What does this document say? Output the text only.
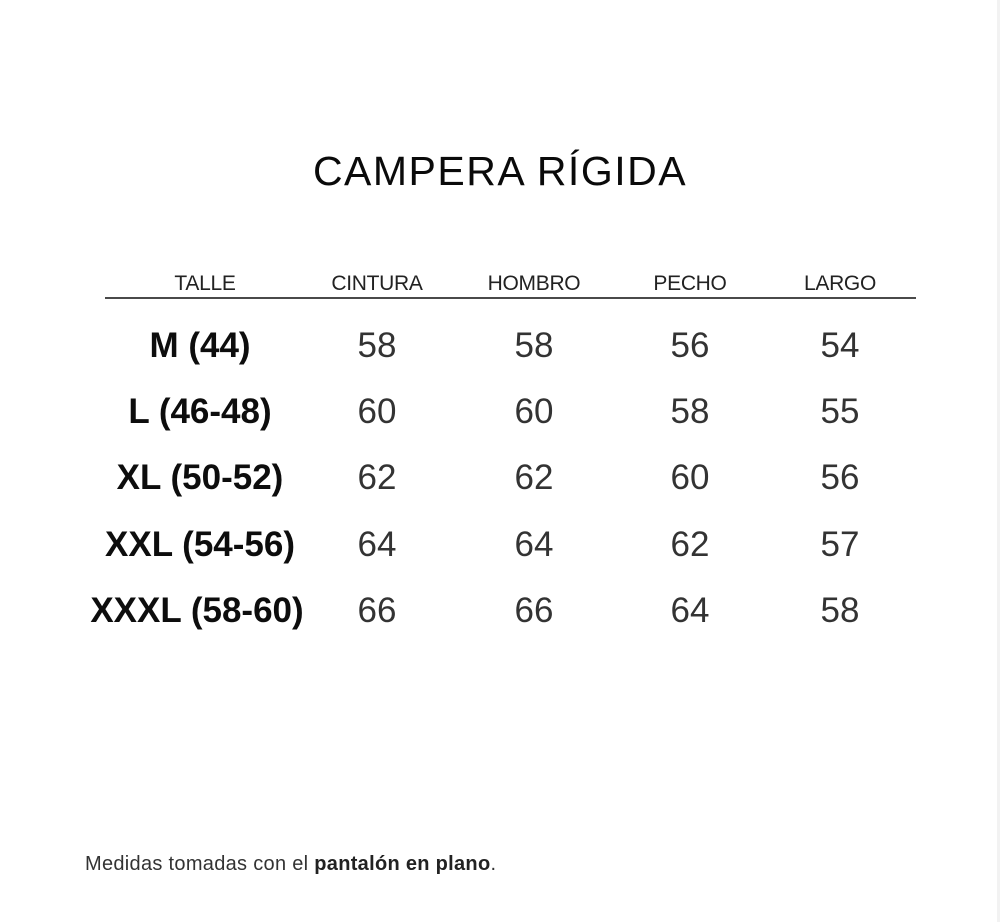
CAMPERA RÍGIDA
TALLE	CINTURA	HOMBRO	PECHO	LARGO
M (44)	58	58	56	54
L (46-48)	60	60	58	55
XL (50-52)	62	62	60	56
XXL (54-56)	64	64	62	57
XXXL (58-60)	66	66	64	58
Medidas tomadas con el pantalón en plano.
